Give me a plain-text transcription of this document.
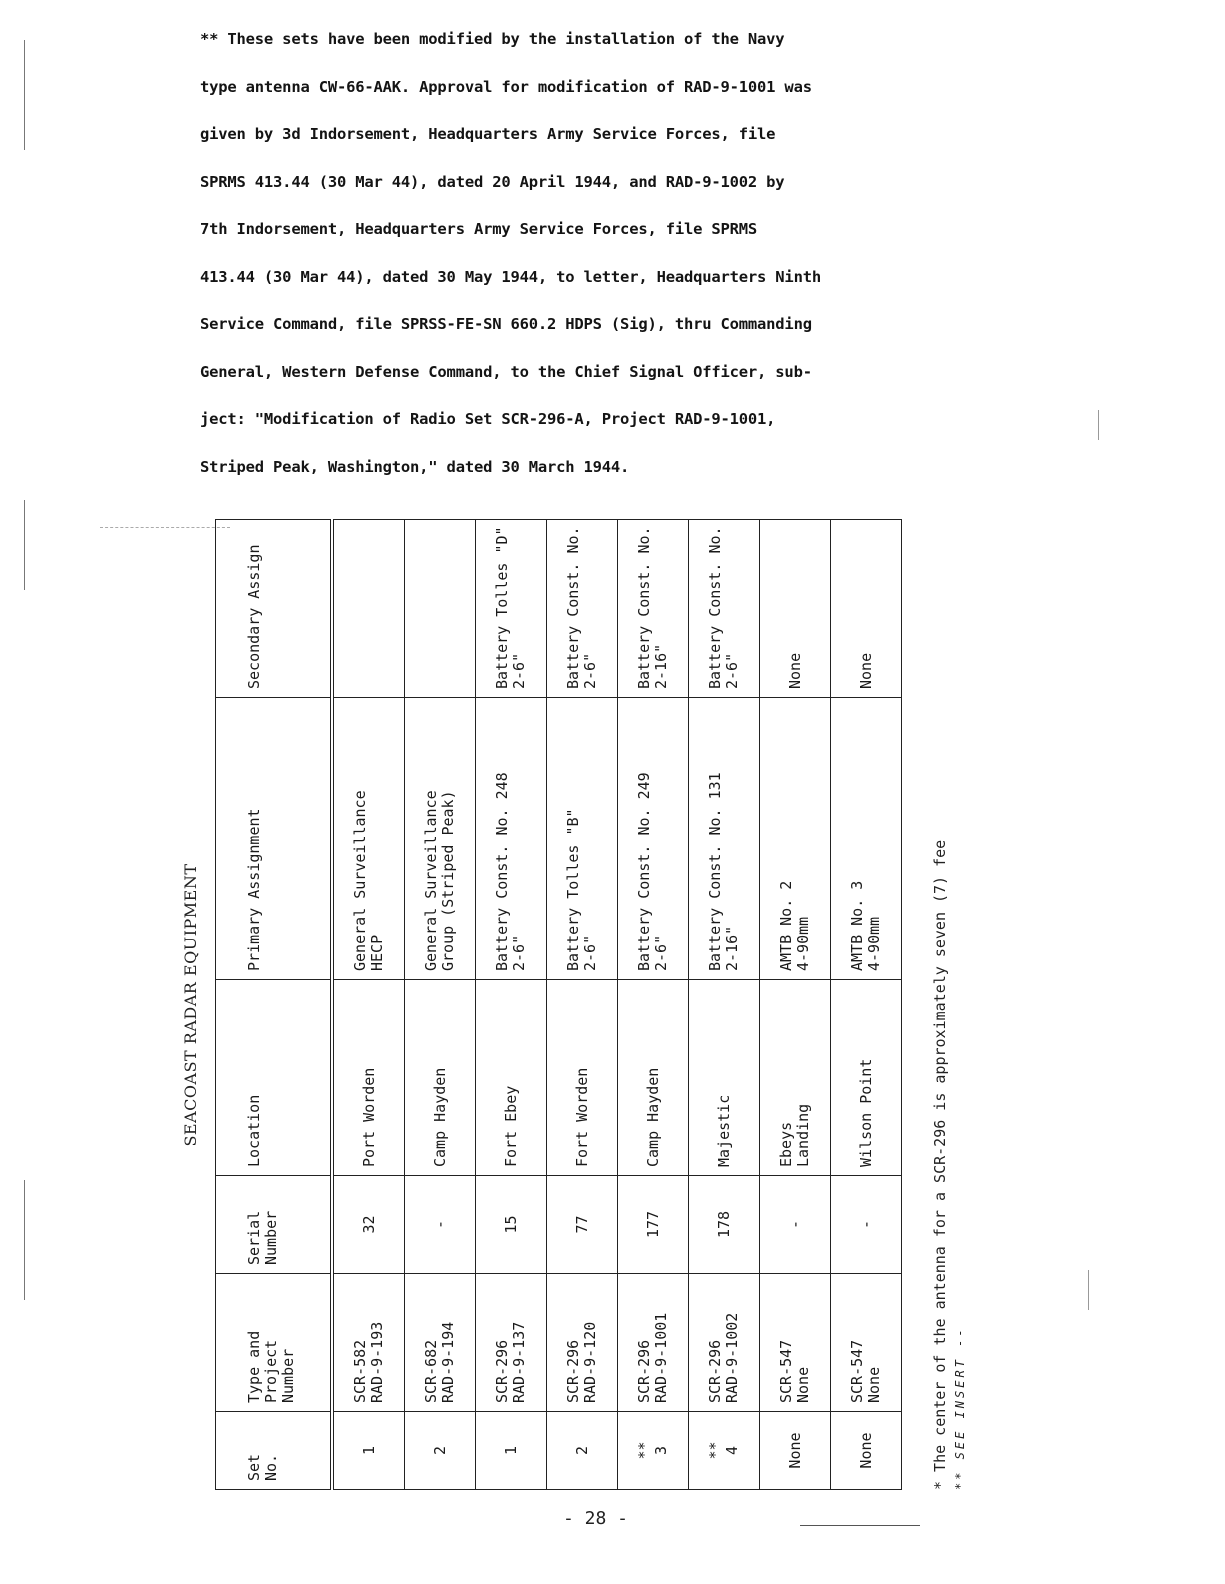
** These sets have been modified by the installation of the Navy
type antenna CW-66-AAK. Approval for modification of RAD-9-1001 was
given by 3d Indorsement, Headquarters Army Service Forces, file
SPRMS 413.44 (30 Mar 44), dated 20 April 1944, and RAD-9-1002 by
7th Indorsement, Headquarters Army Service Forces, file SPRMS
413.44 (30 Mar 44), dated 30 May 1944, to letter, Headquarters Ninth
Service Command, file SPRSS-FE-SN 660.2 HDPS (Sig), thru Commanding
General, Western Defense Command, to the Chief Signal Officer, sub-
ject: "Modification of Radio Set SCR-296-A, Project RAD-9-1001,
Striped Peak, Washington," dated 30 March 1944.
SEACOAST RADAR EQUIPMENT
Set No.	Type and Project Number	Serial Number	Location	Primary Assignment	Secondary Assign

1	SCR-582 RAD-9-193	32	Port Worden	General Surveillance HECP	

2	SCR-682 RAD-9-194	-	Camp Hayden	General Surveillance Group (Striped Peak)	

1	SCR-296 RAD-9-137	15	Fort Ebey	Battery Const. No. 248 2-6"	Battery Tolles "D" 2-6"

2	SCR-296 RAD-9-120	77	Fort Worden	Battery Tolles "B" 2-6"	Battery Const. No. 2-6"

**
3	SCR-296 RAD-9-1001	177	Camp Hayden	Battery Const. No. 249 2-6"	Battery Const. No. 2-16"

**
4	SCR-296 RAD-9-1002	178	Majestic	Battery Const. No. 131 2-16"	Battery Const. No. 2-6"

None	SCR-547 None	-	Ebeys Landing	AMTB No. 2 4-90mm	None

None	SCR-547 None	-	Wilson Point	AMTB No. 3 4-90mm	None
* The center of the antenna for a SCR-296 is approximately seven (7) fee ** SEE INSERT --
- 28 -
